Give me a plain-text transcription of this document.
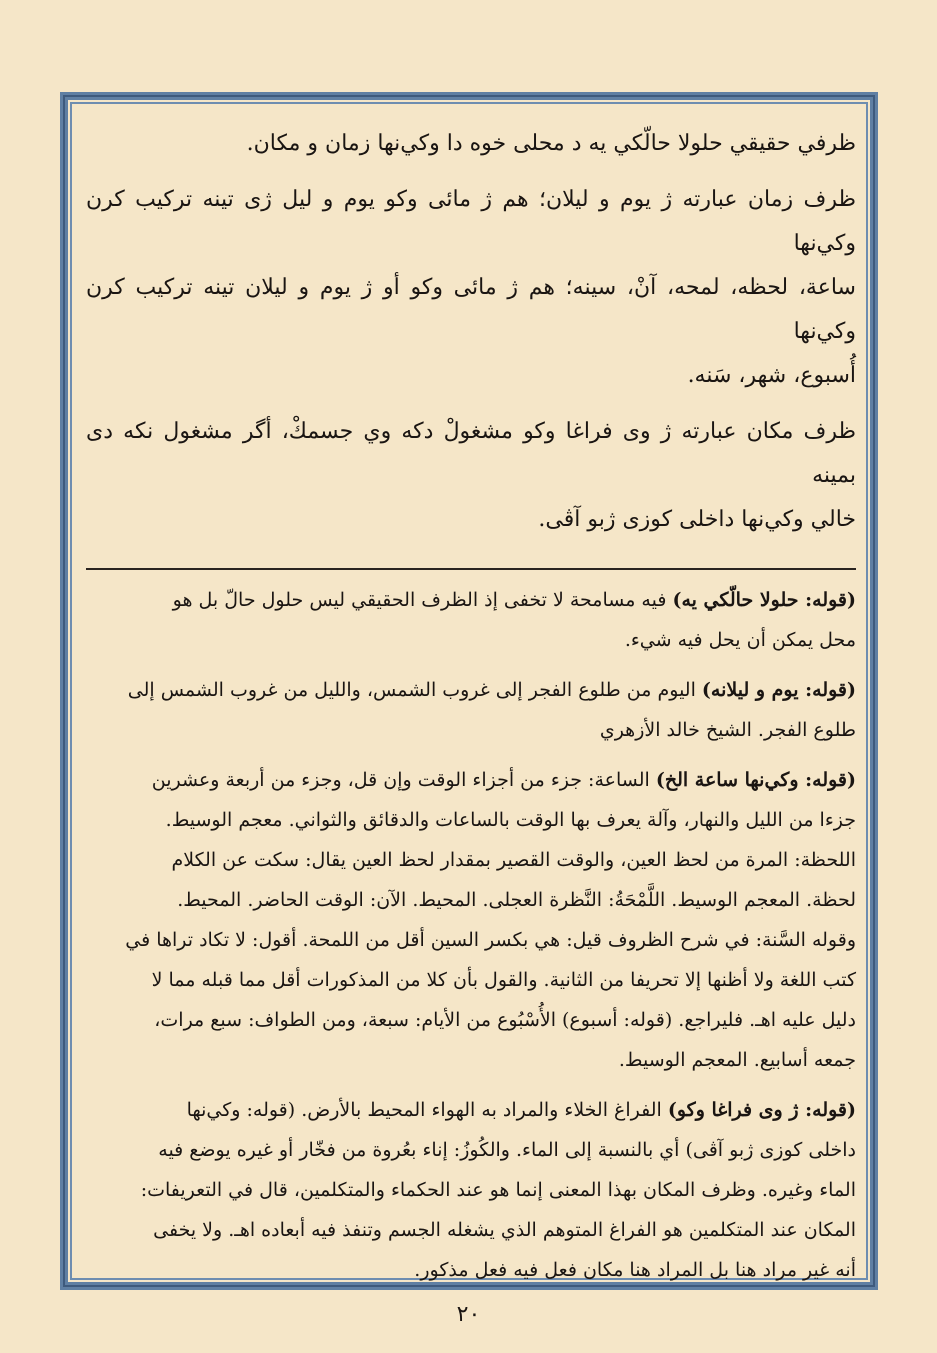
ظرفي حقيقي حلولا حالّكي يه د محلى خوه دا وكي‌نها زمان و مكان.

ظرف زمان عبارته ژ يوم و ليلان؛ هم ژ مائى وكو يوم و ليل ژى تينه تركيب كرن وكي‌نها

ساعة، لحظه، لمحه، آنْ، سينه؛ هم ژ مائى وكو أو ژ يوم و ليلان تينه تركيب كرن وكي‌نها

أُسبوع، شهر، سَنه.

ظرف مكان عبارته ژ وى فراغا وكو مشغولْ دكه وي جسمكْ، أگر مشغول نكه دى بمينه

خالي وكي‌نها داخلى كوزى ژبو آڤى.

(قوله: حلولا حالّكي يه) فيه مسامحة لا تخفى إذ الظرف الحقيقي ليس حلول حالّ بل هو
محل يمكن أن يحل فيه شيء.

(قوله: يوم و ليلانه) اليوم من طلوع الفجر إلى غروب الشمس، والليل من غروب الشمس إلى
طلوع الفجر. الشيخ خالد الأزهري

(قوله: وكي‌نها ساعة الخ) الساعة: جزء من أجزاء الوقت وإن قل، وجزء من أربعة وعشرين
جزءا من الليل والنهار، وآلة يعرف بها الوقت بالساعات والدقائق والثواني. معجم الوسيط.
اللحظة: المرة من لحظ العين، والوقت القصير بمقدار لحظ العين يقال: سكت عن الكلام
لحظة. المعجم الوسيط. اللَّمْحَةُ: النَّظرة العجلى. المحيط. الآن: الوقت الحاضر. المحيط.
وقوله السَّنة: في شرح الظروف قيل: هي بكسر السين أقل من اللمحة. أقول: لا تكاد تراها في
كتب اللغة ولا أظنها إلا تحريفا من الثانية. والقول بأن كلا من المذكورات أقل مما قبله مما لا
دليل عليه اهـ. فليراجع. (قوله: أسبوع) الأُسْبُوع من الأيام: سبعة، ومن الطواف: سبع مرات،
جمعه أسابيع. المعجم الوسيط.

(قوله: ژ وى فراغا وكو) الفراغ الخلاء والمراد به الهواء المحيط بالأرض. (قوله: وكي‌نها
داخلى كوزى ژبو آڤى) أي بالنسبة إلى الماء. والكُوزُ: إناء بعُروة من فخّار أو غيره يوضع فيه
الماء وغيره. وظرف المكان بهذا المعنى إنما هو عند الحكماء والمتكلمين، قال في التعريفات:
المكان عند المتكلمين هو الفراغ المتوهم الذي يشغله الجسم وتنفذ فيه أبعاده اهـ. ولا يخفى
أنه غير مراد هنا بل المراد هنا مكان فعل فيه فعل مذكور.

٢٠
